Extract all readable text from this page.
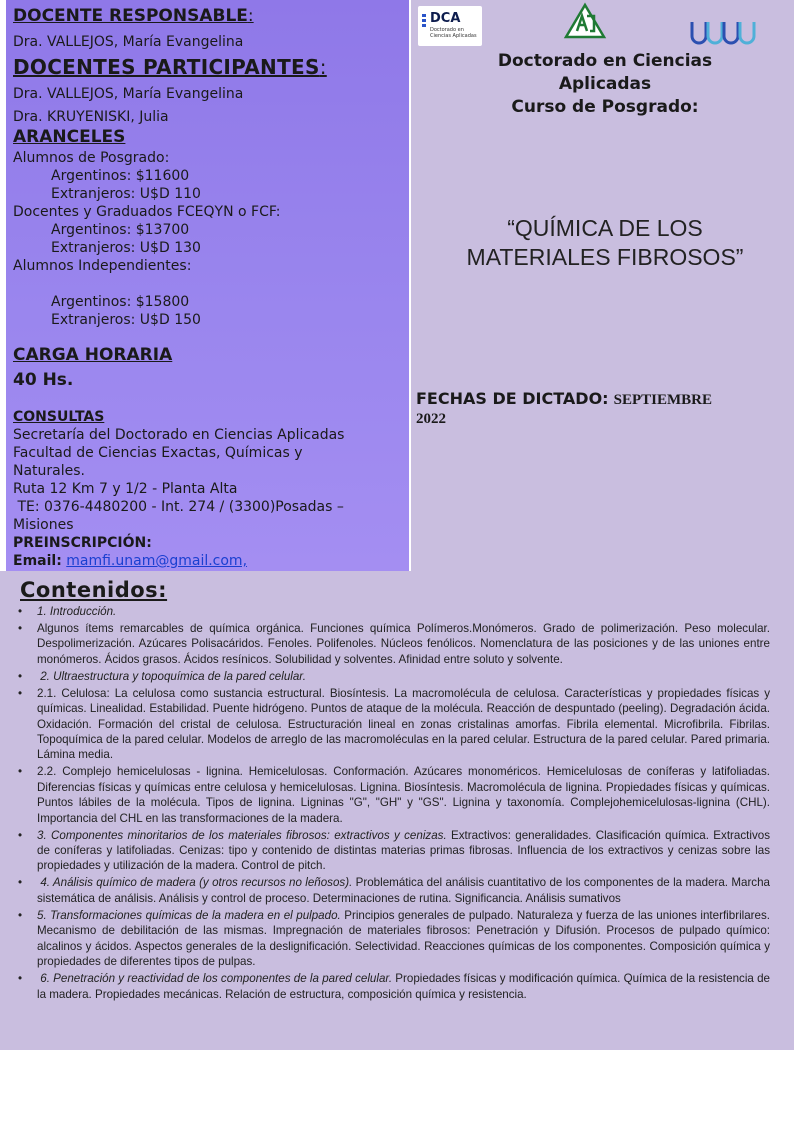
DOCENTE RESPONSABLE:
Dra. VALLEJOS, María Evangelina
DOCENTES PARTICIPANTES:
Dra. VALLEJOS, María Evangelina
Dra. KRUYENISKI, Julia
ARANCELES
Alumnos de Posgrado:
Argentinos: $11600
Extranjeros: U$D 110
Docentes y Graduados FCEQYN o FCF:
Argentinos: $13700
Extranjeros: U$D 130
Alumnos Independientes:
Argentinos: $15800
Extranjeros: U$D 150
CARGA HORARIA
40 Hs.
CONSULTAS
Secretaría del Doctorado en Ciencias Aplicadas
Facultad de Ciencias Exactas, Químicas y
Naturales.
Ruta 12 Km 7 y 1/2 - Planta Alta
TE: 0376-4480200 - Int. 274 / (3300)Posadas –
Misiones
PREINSCRIPCIÓN:
Email: mamfi.unam@gmail.com,
DCA
Doctorado en
Ciencias Aplicadas
Doctorado en Ciencias
Aplicadas
Curso de Posgrado:
“QUÍMICA DE LOS
MATERIALES FIBROSOS”
FECHAS DE DICTADO: SEPTIEMBRE
2022
Contenidos:
• 1. Introducción.
• Algunos ítems remarcables de química orgánica. Funciones química Polímeros.Monómeros. Grado de polimerización. Peso molecular. Despolimerización. Azúcares Polisacáridos. Fenoles. Polifenoles. Núcleos fenólicos. Nomenclatura de las posiciones y de las uniones entre monómeros. Ácidos grasos. Ácidos resínicos. Solubilidad y solventes. Afinidad entre soluto y solvente.
• 2. Ultraestructura y topoquímica de la pared celular.
• 2.1. Celulosa: La celulosa como sustancia estructural. Biosíntesis. La macromolécula de celulosa. Características y propiedades físicas y químicas. Linealidad. Estabilidad. Puente hidrógeno. Puntos de ataque de la molécula. Reacción de despuntado (peeling). Degradación ácida. Oxidación. Formación del cristal de celulosa. Estructuración lineal en zonas cristalinas amorfas. Fibrila elemental. Microfibrila. Fibrilas. Topoquímica de la pared celular. Modelos de arreglo de las macromoléculas en la pared celular. Estructura de la pared celular. Pared primaria. Lámina media.
• 2.2. Complejo hemicelulosas - lignina. Hemicelulosas. Conformación. Azúcares monoméricos. Hemicelulosas de coníferas y latifoliadas. Diferencias físicas y químicas entre celulosa y hemicelulosas. Lignina. Biosíntesis. Macromolécula de lignina. Propiedades físicas y químicas. Puntos lábiles de la molécula. Tipos de lignina. Ligninas "G", "GH" y "GS". Lignina y taxonomía. Complejohemicelulosas-lignina (CHL). Importancia del CHL en las transformaciones de la madera.
• 3. Componentes minoritarios de los materiales fibrosos: extractivos y cenizas. Extractivos: generalidades. Clasificación química. Extractivos de coníferas y latifoliadas. Cenizas: tipo y contenido de distintas materias primas fibrosas. Influencia de los extractivos y cenizas sobre las propiedades y utilización de la madera. Control de pitch.
• 4. Análisis químico de madera (y otros recursos no leñosos). Problemática del análisis cuantitativo de los componentes de la madera. Marcha sistemática de análisis. Análisis y control de proceso. Determinaciones de rutina. Significancia. Análisis sumativos
• 5. Transformaciones químicas de la madera en el pulpado. Principios generales de pulpado. Naturaleza y fuerza de las uniones interfibrilares. Mecanismo de debilitación de las mismas. Impregnación de materiales fibrosos: Penetración y Difusión. Procesos de pulpado químico: alcalinos y ácidos. Aspectos generales de la deslignificación. Selectividad. Reacciones químicas de los componentes. Composición química y propiedades de diferentes tipos de pulpas.
• 6. Penetración y reactividad de los componentes de la pared celular. Propiedades físicas y modificación química. Química de la resistencia de la madera. Propiedades mecánicas. Relación de estructura, composición química y resistencia.
